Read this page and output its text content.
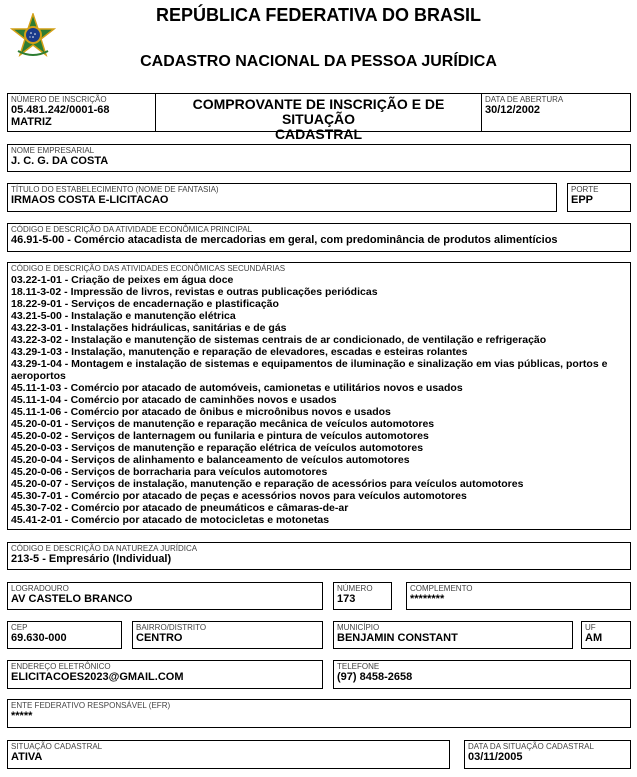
REPÚBLICA FEDERATIVA DO BRASIL
CADASTRO NACIONAL DA PESSOA JURÍDICA
NÚMERO DE INSCRIÇÃO
05.481.242/0001-68
MATRIZ
COMPROVANTE DE INSCRIÇÃO E DE SITUAÇÃO
CADASTRAL
DATA DE ABERTURA
30/12/2002
NOME EMPRESARIAL
J. C. G. DA COSTA
TÍTULO DO ESTABELECIMENTO (NOME DE FANTASIA)
IRMAOS COSTA E-LICITACAO
PORTE
EPP
CÓDIGO E DESCRIÇÃO DA ATIVIDADE ECONÔMICA PRINCIPAL
46.91-5-00 - Comércio atacadista de mercadorias em geral, com predominância de produtos alimentícios
CÓDIGO E DESCRIÇÃO DAS ATIVIDADES ECONÔMICAS SECUNDÁRIAS
03.22-1-01 - Criação de peixes em água doce
18.11-3-02 - Impressão de livros, revistas e outras publicações periódicas
18.22-9-01 - Serviços de encadernação e plastificação
43.21-5-00 - Instalação e manutenção elétrica
43.22-3-01 - Instalações hidráulicas, sanitárias e de gás
43.22-3-02 - Instalação e manutenção de sistemas centrais de ar condicionado, de ventilação e refrigeração
43.29-1-03 - Instalação, manutenção e reparação de elevadores, escadas e esteiras rolantes
43.29-1-04 - Montagem e instalação de sistemas e equipamentos de iluminação e sinalização em vias públicas, portos e
aeroportos
45.11-1-03 - Comércio por atacado de automóveis, camionetas e utilitários novos e usados
45.11-1-04 - Comércio por atacado de caminhões novos e usados
45.11-1-06 - Comércio por atacado de ônibus e microônibus novos e usados
45.20-0-01 - Serviços de manutenção e reparação mecânica de veículos automotores
45.20-0-02 - Serviços de lanternagem ou funilaria e pintura de veículos automotores
45.20-0-03 - Serviços de manutenção e reparação elétrica de veículos automotores
45.20-0-04 - Serviços de alinhamento e balanceamento de veículos automotores
45.20-0-06 - Serviços de borracharia para veículos automotores
45.20-0-07 - Serviços de instalação, manutenção e reparação de acessórios para veículos automotores
45.30-7-01 - Comércio por atacado de peças e acessórios novos para veículos automotores
45.30-7-02 - Comércio por atacado de pneumáticos e câmaras-de-ar
45.41-2-01 - Comércio por atacado de motocicletas e motonetas
CÓDIGO E DESCRIÇÃO DA NATUREZA JURÍDICA
213-5 - Empresário (Individual)
LOGRADOURO
AV CASTELO BRANCO
NÚMERO
173
COMPLEMENTO
********
CEP
69.630-000
BAIRRO/DISTRITO
CENTRO
MUNICÍPIO
BENJAMIN CONSTANT
UF
AM
ENDEREÇO ELETRÔNICO
ELICITACOES2023@GMAIL.COM
TELEFONE
(97) 8458-2658
ENTE FEDERATIVO RESPONSÁVEL (EFR)
*****
SITUAÇÃO CADASTRAL
ATIVA
DATA DA SITUAÇÃO CADASTRAL
03/11/2005
